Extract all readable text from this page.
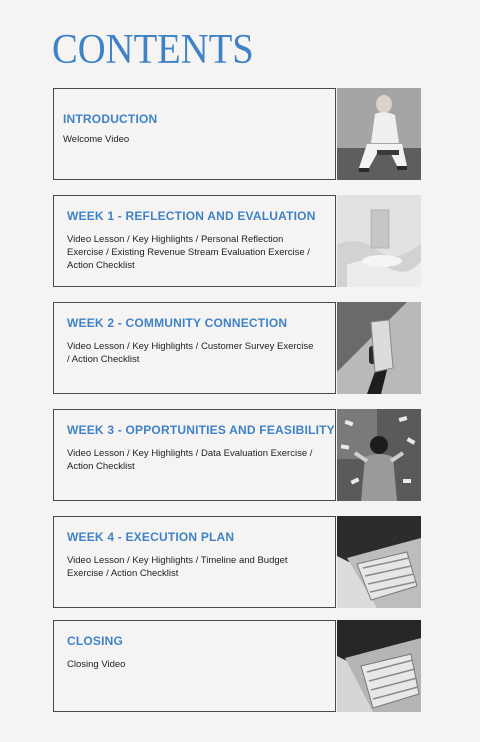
CONTENTS
INTRODUCTION
Welcome Video
WEEK 1 - REFLECTION AND EVALUATION
Video Lesson / Key Highlights / Personal Reflection Exercise / Existing Revenue Stream Evaluation Exercise / Action Checklist
WEEK 2 - COMMUNITY CONNECTION
Video Lesson / Key Highlights / Customer Survey Exercise / Action Checklist
WEEK 3 - OPPORTUNITIES AND FEASIBILITY
Video Lesson / Key Highlights / Data Evaluation Exercise / Action Checklist
WEEK 4 - EXECUTION PLAN
Video Lesson / Key Highlights / Timeline and Budget Exercise / Action Checklist
CLOSING
Closing Video
